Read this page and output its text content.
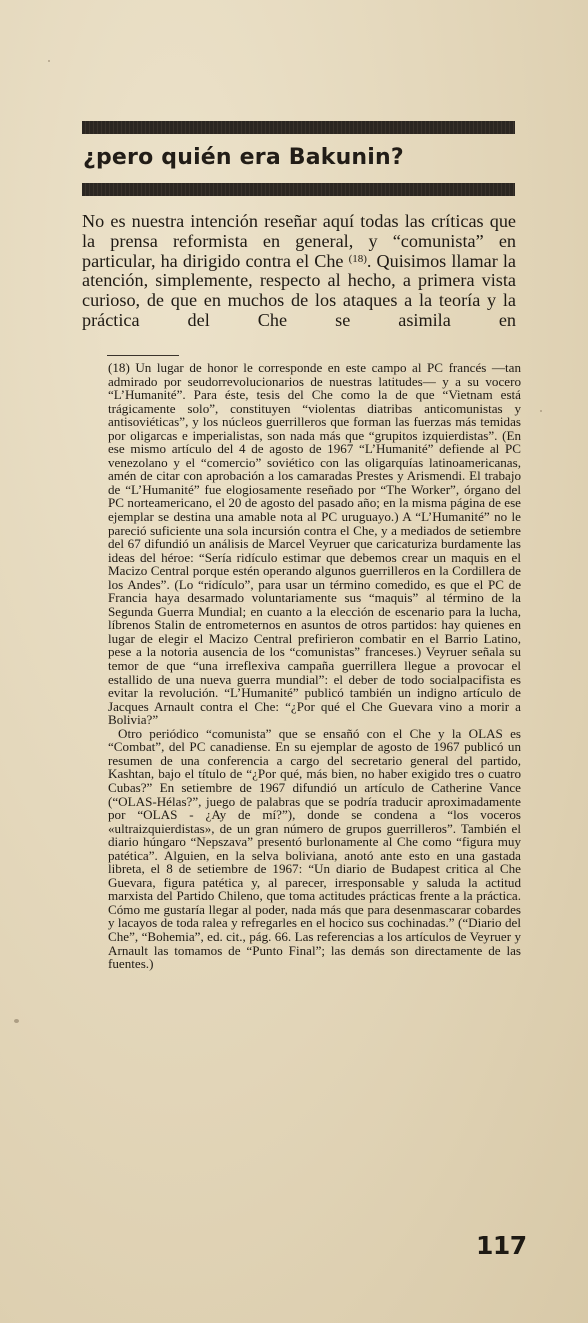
¿pero quién era Bakunin?

No es nuestra intención reseñar aquí todas las críticas que la prensa reformista en general, y “comunista” en particular, ha dirigido contra el Che $^{(18)}$. Quisimos llamar la atención, simplemente, respecto al hecho, a primera vista curioso, de que en muchos de los ataques a la teoría y la práctica del Che se asimila en

(18) Un lugar de honor le corresponde en este campo al PC francés —tan admirado por seudorrevolucionarios de nuestras latitudes— y a su vocero “L’Humanité”. Para éste, tesis del Che como la de que “Vietnam está trágicamente solo”, constituyen “violentas diatribas anticomunistas y antisoviéticas”, y los núcleos guerrilleros que forman las fuerzas más temidas por oligarcas e imperialistas, son nada más que “grupitos izquierdistas”. (En ese mismo artículo del 4 de agosto de 1967 “L’Humanité” defiende al PC venezolano y el “comercio” soviético con las oligarquías latinoamericanas, amén de citar con aprobación a los camaradas Prestes y Arismendi. El trabajo de “L’Humanité” fue elogiosamente reseñado por “The Worker”, órgano del PC norteamericano, el 20 de agosto del pasado año; en la misma página de ese ejemplar se destina una amable nota al PC uruguayo.) A “L’Humanité” no le pareció suficiente una sola incursión contra el Che, y a mediados de setiembre del 67 difundió un análisis de Marcel Veyruer que caricaturiza burdamente las ideas del héroe: “Sería ridículo estimar que debemos crear un maquis en el Macizo Central porque estén operando algunos guerrilleros en la Cordillera de los Andes”. (Lo “ridículo”, para usar un término comedido, es que el PC de Francia haya desarmado voluntariamente sus “maquis” al término de la Segunda Guerra Mundial; en cuanto a la elección de escenario para la lucha, líbrenos Stalin de entrometernos en asuntos de otros partidos: hay quienes en lugar de elegir el Macizo Central prefirieron combatir en el Barrio Latino, pese a la notoria ausencia de los “comunistas” franceses.) Veyruer señala su temor de que “una irreflexiva campaña guerrillera llegue a provocar el estallido de una nueva guerra mundial”: el deber de todo socialpacifista es evitar la revolución. “L’Humanité” publicó también un indigno artículo de Jacques Arnault contra el Che: “¿Por qué el Che Guevara vino a morir a Bolivia?”
Otro periódico “comunista” que se ensañó con el Che y la OLAS es “Combat”, del PC canadiense. En su ejemplar de agosto de 1967 publicó un resumen de una conferencia a cargo del secretario general del partido, Kashtan, bajo el título de “¿Por qué, más bien, no haber exigido tres o cuatro Cubas?” En setiembre de 1967 difundió un artículo de Catherine Vance (“OLAS-Hélas?”, juego de palabras que se podría traducir aproximadamente por “OLAS - ¿Ay de mí?”), donde se condena a “los voceros «ultraizquierdistas», de un gran número de grupos guerrilleros”. También el diario húngaro “Nepszava” presentó burlonamente al Che como “figura muy patética”. Alguien, en la selva boliviana, anotó ante esto en una gastada libreta, el 8 de setiembre de 1967: “Un diario de Budapest critica al Che Guevara, figura patética y, al parecer, irresponsable y saluda la actitud marxista del Partido Chileno, que toma actitudes prácticas frente a la práctica. Cómo me gustaría llegar al poder, nada más que para desenmascarar cobardes y lacayos de toda ralea y refregarles en el hocico sus cochinadas.” (“Diario del Che”, “Bohemia”, ed. cit., pág. 66. Las referencias a los artículos de Veyruer y Arnault las tomamos de “Punto Final”; las demás son directamente de las fuentes.)
117
